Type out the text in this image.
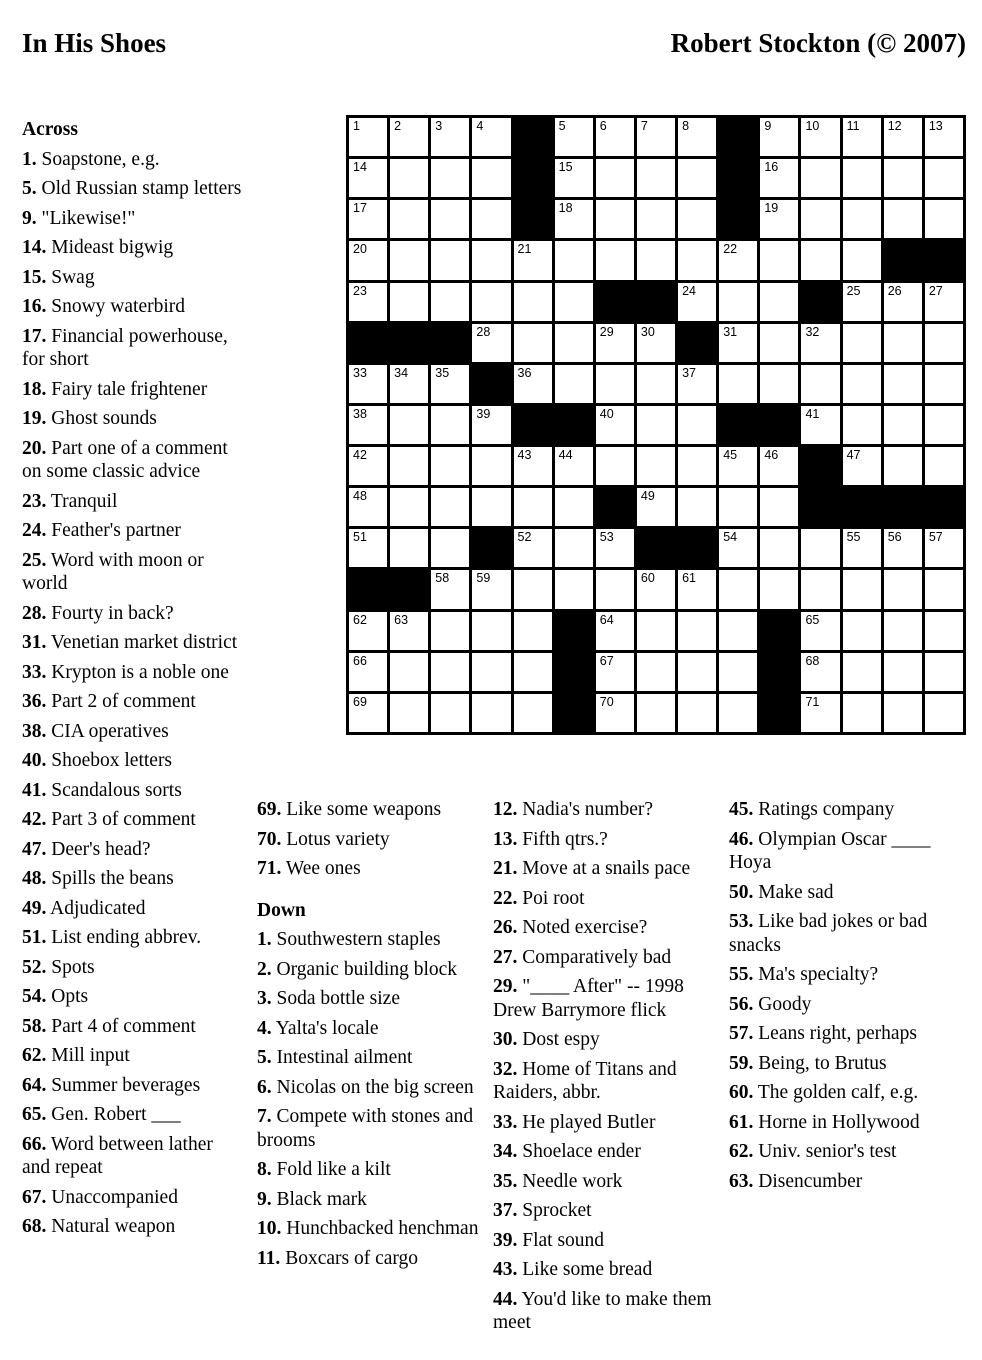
In His Shoes	Robert Stockton (© 2007)
1	2	3	4	5	6	7	8	9	10 11 12 13
14	15	16
17	18	19
20	21	22
23	24	25 26 27
28	29 30	31	32
33 34 35	36	37
38	39	40	41
42	43 44	45 46	47
48	49
51	52	53	54	55 56 57
58 59	60 61
62 63	64	65
66	67	68
69	70	71
Across
1. Soapstone, e.g.
5. Old Russian stamp letters
9. "Likewise!"
14. Mideast bigwig
15. Swag
16. Snowy waterbird
17. Financial powerhouse, for short
18. Fairy tale frightener
19. Ghost sounds
20. Part one of a comment on some classic advice
23. Tranquil
24. Feather's partner
25. Word with moon or world
28. Fourty in back?
31. Venetian market district
33. Krypton is a noble one
36. Part 2 of comment
38. CIA operatives
40. Shoebox letters
41. Scandalous sorts
42. Part 3 of comment
47. Deer's head?
48. Spills the beans
49. Adjudicated
51. List ending abbrev.
52. Spots
54. Opts
58. Part 4 of comment
62. Mill input
64. Summer beverages
65. Gen. Robert ___
66. Word between lather and repeat
67. Unaccompanied
68. Natural weapon
69. Like some weapons
70. Lotus variety
71. Wee ones
Down
1. Southwestern staples
2. Organic building block
3. Soda bottle size
4. Yalta's locale
5. Intestinal ailment
6. Nicolas on the big screen
7. Compete with stones and brooms
8. Fold like a kilt
9. Black mark
10. Hunchbacked henchman
11. Boxcars of cargo
12. Nadia's number?
13. Fifth qtrs.?
21. Move at a snails pace
22. Poi root
26. Noted exercise?
27. Comparatively bad
29. "____ After" -- 1998 Drew Barrymore flick
30. Dost espy
32. Home of Titans and Raiders, abbr.
33. He played Butler
34. Shoelace ender
35. Needle work
37. Sprocket
39. Flat sound
43. Like some bread
44. You'd like to make them meet
45. Ratings company
46. Olympian Oscar ____ Hoya
50. Make sad
53. Like bad jokes or bad snacks
55. Ma's specialty?
56. Goody
57. Leans right, perhaps
59. Being, to Brutus
60. The golden calf, e.g.
61. Horne in Hollywood
62. Univ. senior's test
63. Disencumber
